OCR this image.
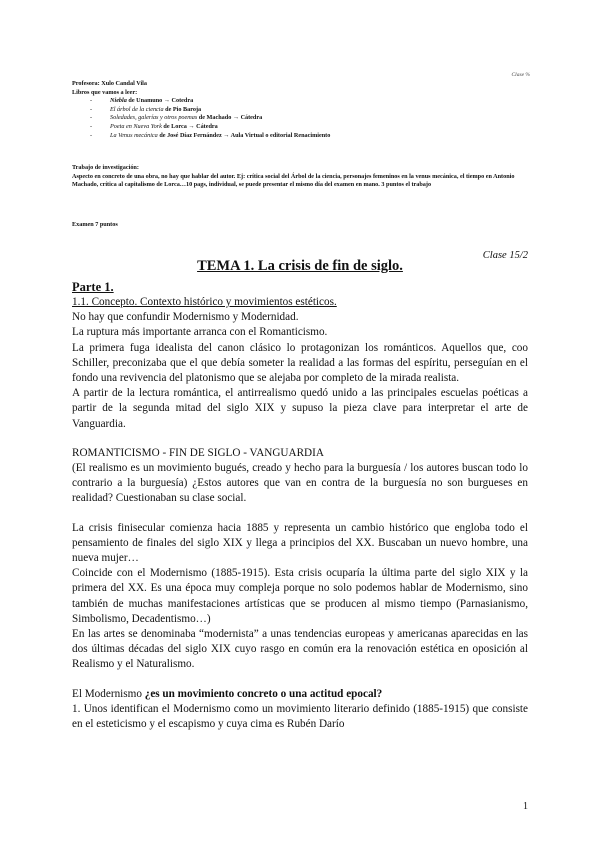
Clase %
Profesora: Xulo Candal Vila
Libros que vamos a leer:
- Niebla de Unamuno → Cotedra
- El árbol de la ciencia de Pio Baroja
- Soledades, galerías y otros poemas de Machado → Cátedra
- Poeta en Nueva York de Lorca → Cátedra
- La Venus mecánica de José Díaz Fernández → Aula Virtual o editorial Renacimiento
Trabajo de investigación:
Aspecto en concreto de una obra, no hay que hablar del autor. Ej: crítica social del Árbol de la ciencia, personajes femeninos en la venus mecánica, el tiempo en Antonio Machado, crítica al capitalismo de Lorca…10 pags, individual, se puede presentar el mismo día del examen en mano. 3 puntos el trabajo
Examen 7 puntos
Clase 15/2
TEMA 1. La crisis de fin de siglo.

Parte 1.

1.1. Concepto. Contexto histórico y movimientos estéticos.

No hay que confundir Modernismo y Modernidad.

La ruptura más importante arranca con el Romanticismo.

La primera fuga idealista del canon clásico lo protagonizan los románticos. Aquellos que, coo Schiller, preconizaba que el que debía someter la realidad a las formas del espíritu, perseguían en el fondo una revivencia del platonismo que se alejaba por completo de la mirada realista.

A partir de la lectura romántica, el antirrealismo quedó unido a las principales escuelas poéticas a partir de la segunda mitad del siglo XIX y supuso la pieza clave para interpretar el arte de Vanguardia.

ROMANTICISMO - FIN DE SIGLO - VANGUARDIA

(El realismo es un movimiento bugués, creado y hecho para la burguesía / los autores buscan todo lo contrario a la burguesía) ¿Estos autores que van en contra de la burguesía no son burgueses en realidad? Cuestionaban su clase social.

La crisis finisecular comienza hacia 1885 y representa un cambio histórico que engloba todo el pensamiento de finales del siglo XIX y llega a principios del XX. Buscaban un nuevo hombre, una nueva mujer…

Coincide con el Modernismo (1885-1915). Esta crisis ocuparía la última parte del siglo XIX y la primera del XX. Es una época muy compleja porque no solo podemos hablar de Modernismo, sino también de muchas manifestaciones artísticas que se producen al mismo tiempo (Parnasianismo, Simbolismo, Decadentismo…)

En las artes se denominaba “modernista” a unas tendencias europeas y americanas aparecidas en las dos últimas décadas del siglo XIX cuyo rasgo en común era la renovación estética en oposición al Realismo y el Naturalismo.

El Modernismo ¿es un movimiento concreto o una actitud epocal?

1. Unos identifican el Modernismo como un movimiento literario definido (1885-1915) que consiste en el esteticismo y el escapismo y cuya cima es Rubén Darío

1
